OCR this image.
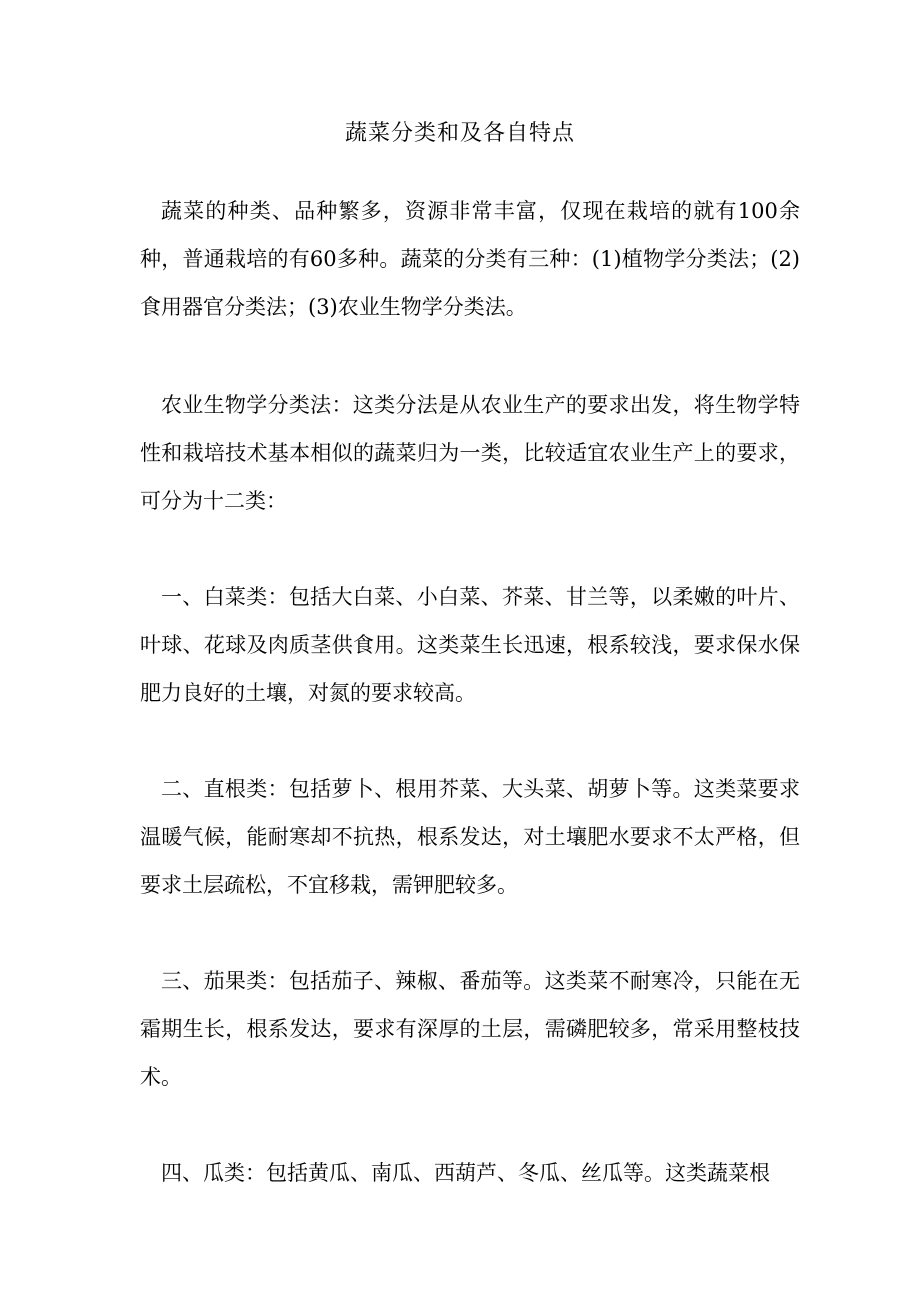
蔬菜分类和及各自特点

蔬菜的种类、品种繁多，资源非常丰富，仅现在栽培的就有100余种，普通栽培的有60多种。蔬菜的分类有三种：(1)植物学分类法；(2)食用器官分类法；(3)农业生物学分类法。

农业生物学分类法：这类分法是从农业生产的要求出发，将生物学特性和栽培技术基本相似的蔬菜归为一类，比较适宜农业生产上的要求，可分为十二类：

一、白菜类：包括大白菜、小白菜、芥菜、甘兰等，以柔嫩的叶片、叶球、花球及肉质茎供食用。这类菜生长迅速，根系较浅，要求保水保肥力良好的土壤，对氮的要求较高。

二、直根类：包括萝卜、根用芥菜、大头菜、胡萝卜等。这类菜要求温暖气候，能耐寒却不抗热，根系发达，对土壤肥水要求不太严格，但要求土层疏松，不宜移栽，需钾肥较多。

三、茄果类：包括茄子、辣椒、番茄等。这类菜不耐寒冷，只能在无霜期生长，根系发达，要求有深厚的土层，需磷肥较多，常采用整枝技术。

四、瓜类：包括黄瓜、南瓜、西葫芦、冬瓜、丝瓜等。这类蔬菜根
